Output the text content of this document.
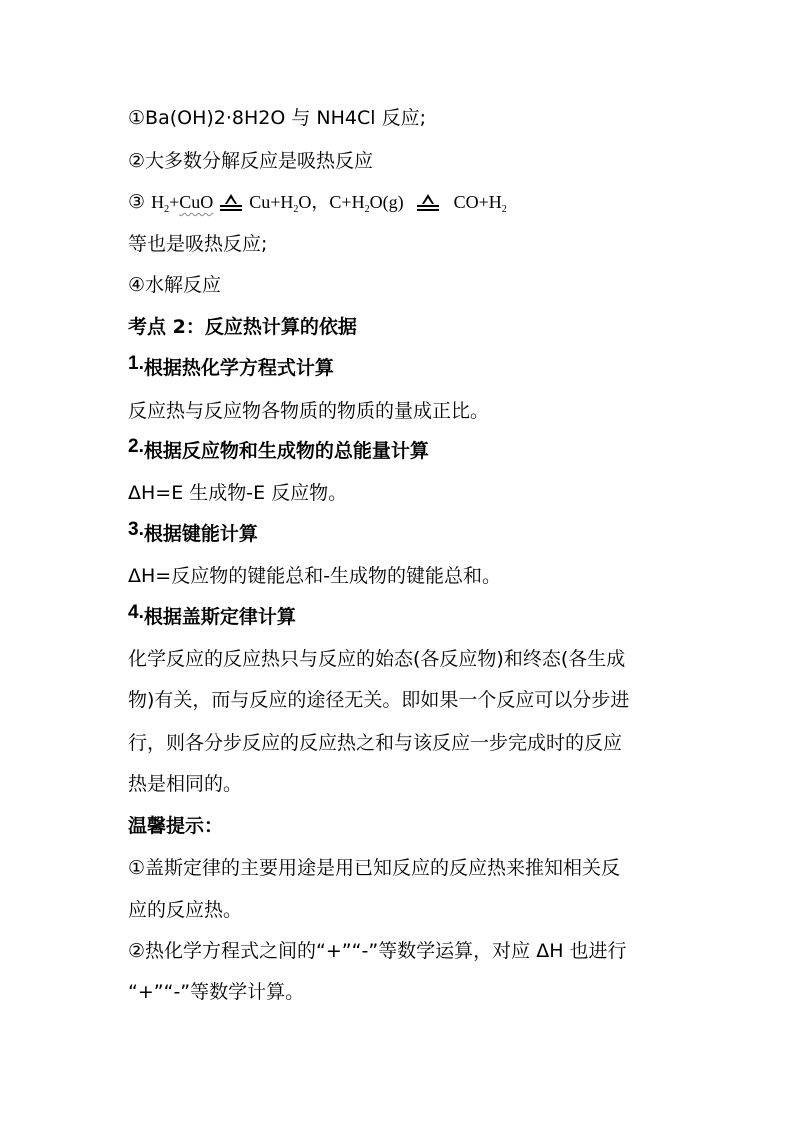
①Ba(OH)2·8H2O 与 NH4Cl 反应;
②大多数分解反应是吸热反应
③ $H_2+CuO$ $Cu+H_2O$，$C+H_2O(g)$	$CO+H_2$
等也是吸热反应;
④水解反应
考点 2：反应热计算的依据
$^{1.}$根据热化学方程式计算
反应热与反应物各物质的物质的量成正比。
$^{2.}$根据反应物和生成物的总能量计算
ΔH=E 生成物-E 反应物。
$^{3.}$根据键能计算
ΔH=反应物的键能总和-生成物的键能总和。
$^{4.}$根据盖斯定律计算
化学反应的反应热只与反应的始态(各反应物)和终态(各生成
物)有关，而与反应的途径无关。即如果一个反应可以分步进
行，则各分步反应的反应热之和与该反应一步完成时的反应
热是相同的。
温馨提示：
①盖斯定律的主要用途是用已知反应的反应热来推知相关反
应的反应热。
②热化学方程式之间的“+”“-”等数学运算，对应 ΔH 也进行
“+”“-”等数学计算。
